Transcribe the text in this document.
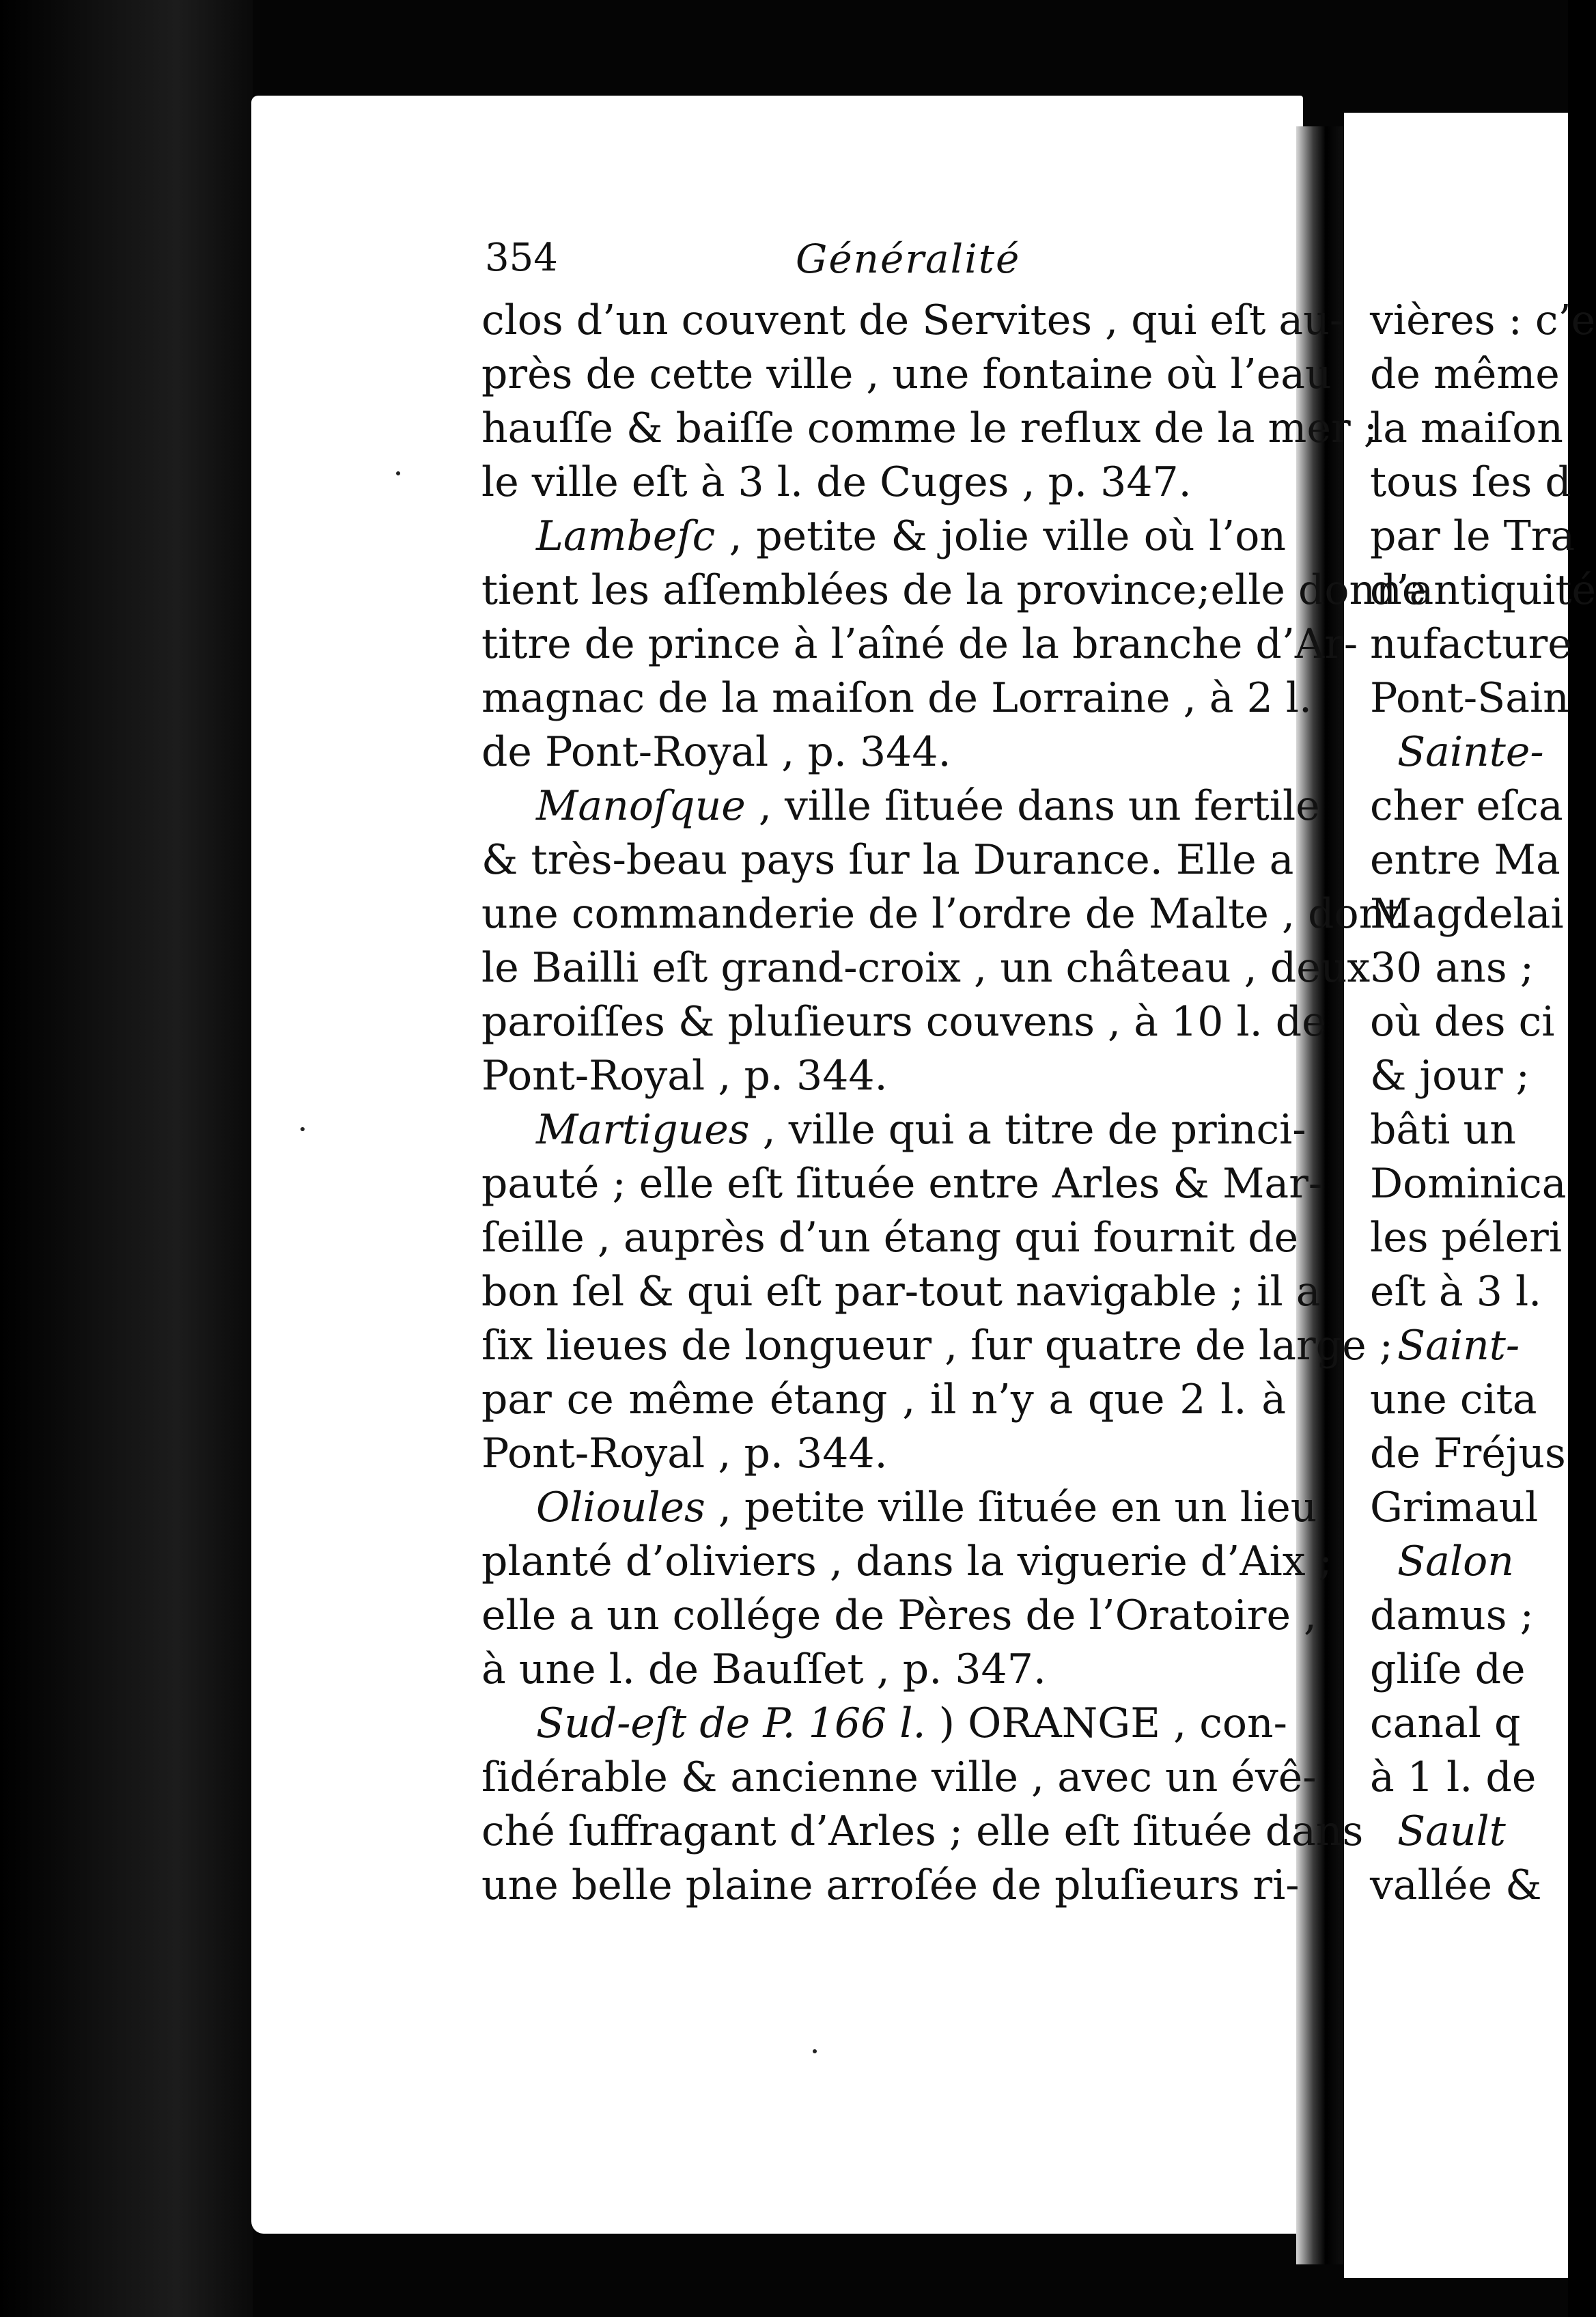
354	Généralité
clos d’un couvent de Servites , qui eſt au-
près de cette ville , une fontaine où l’eau
hauſſe & baiſſe comme le reflux de la mer ;
le ville eſt à 3 l. de Cuges , p. 347.
Lambeſc , petite & jolie ville où l’on
tient les aſſemblées de la province;elle donne
titre de prince à l’aîné de la branche d’Ar-
magnac de la maiſon de Lorraine , à 2 l.
de Pont-Royal , p. 344.
Manoſque , ville ſituée dans un fertile
& très-beau pays ſur la Durance. Elle a
une commanderie de l’ordre de Malte , dont
le Bailli eſt grand-croix , un château , deux
paroiſſes & pluſieurs couvens , à 10 l. de
Pont-Royal , p. 344.
Martigues , ville qui a titre de princi-
pauté ; elle eſt ſituée entre Arles & Mar-
ſeille , auprès d’un étang qui fournit de
bon ſel & qui eſt par-tout navigable ; il a
ſix lieues de longueur , ſur quatre de large ;
par ce même étang , il n’y a que 2 l. à
Pont-Royal , p. 344.
Olioules , petite ville ſituée en un lieu
planté d’oliviers , dans la viguerie d’Aix ;
elle a un collége de Pères de l’Oratoire ,
à une l. de Bauſſet , p. 347.
Sud-eſt de P. 166 l. ) ORANGE , con-
ſidérable & ancienne ville , avec un évê-
ché ſuffragant d’Arles ; elle eſt ſituée dans
une belle plaine arroſée de pluſieurs ri-
vières : c’e
de même
la maiſon
tous ſes d
par le Tra
d’antiquité
nufacture
Pont-Sain
Sainte-
cher eſca
entre Ma
Magdelai
30 ans ;
où des ci
& jour ;
bâti un
Dominica
les péleri
eſt à 3 l.
Saint-
une cita
de Fréjus
Grimaul
Salon
damus ;
gliſe de
canal q
à 1 l. de
Sault
vallée &
